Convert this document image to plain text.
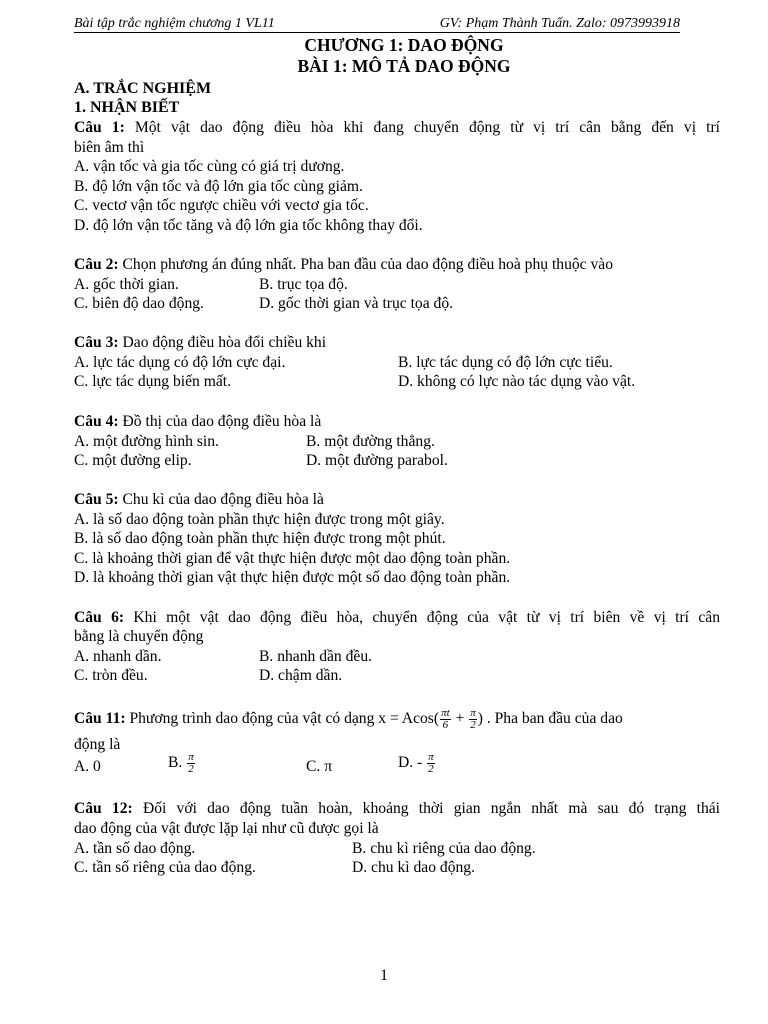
Bài tập trắc nghiệm chương 1 VL11	GV: Phạm Thành Tuấn. Zalo: 0973993918
CHƯƠNG 1: DAO ĐỘNG
BÀI 1: MÔ TẢ DAO ĐỘNG
A. TRẮC NGHIỆM
1. NHẬN BIẾT
Câu 1: Một vật dao động điều hòa khi đang chuyển động từ vị trí cân bằng đến vị trí
biên âm thì
A. vận tốc và gia tốc cùng có giá trị dương.
B. độ lớn vận tốc và độ lớn gia tốc cùng giảm.
C. vectơ vận tốc ngược chiều với vectơ gia tốc.
D. độ lớn vận tốc tăng và độ lớn gia tốc không thay đổi.
Câu 2: Chọn phương án đúng nhất. Pha ban đầu của dao động điều hoà phụ thuộc vào
A. gốc thời gian.	B. trục tọa độ.
C. biên độ dao động.	D. gốc thời gian và trục tọa độ.
Câu 3: Dao động điều hòa đổi chiều khi
A. lực tác dụng có độ lớn cực đại.	B. lực tác dụng có độ lớn cực tiểu.
C. lực tác dụng biến mất.	D. không có lực nào tác dụng vào vật.
Câu 4: Đồ thị của dao động điều hòa là
A. một đường hình sin.	B. một đường thẳng.
C. một đường elip.	D. một đường parabol.
Câu 5: Chu kì của dao động điều hòa là
A. là số dao động toàn phần thực hiện được trong một giây.
B. là số dao động toàn phần thực hiện được trong một phút.
C. là khoảng thời gian để vật thực hiện được một dao động toàn phần.
D. là khoảng thời gian vật thực hiện được một số dao động toàn phần.
Câu 6: Khi một vật dao động điều hòa, chuyển động của vật từ vị trí biên về vị trí cân
bằng là chuyển động
A. nhanh dần.	B. nhanh dần đều.
C. tròn đều.	D. chậm dần.
Câu 11: Phương trình dao động của vật có dạng $x = Acos( \frac{\pi t}{6} + \frac{\pi}{2}$ ) . Pha ban đầu của dao
động là
A. 0	B. $\frac{\pi}{2}$	C. π	D. - $\frac{\pi}{2}$
Câu 12: Đối với dao động tuần hoàn, khoảng thời gian ngắn nhất mà sau đó trạng thái
dao động của vật được lặp lại như cũ được gọi là
A. tần số dao động.	B. chu kì riêng của dao động.
C. tần số riêng của dao động.	D. chu kì dao động.
1
